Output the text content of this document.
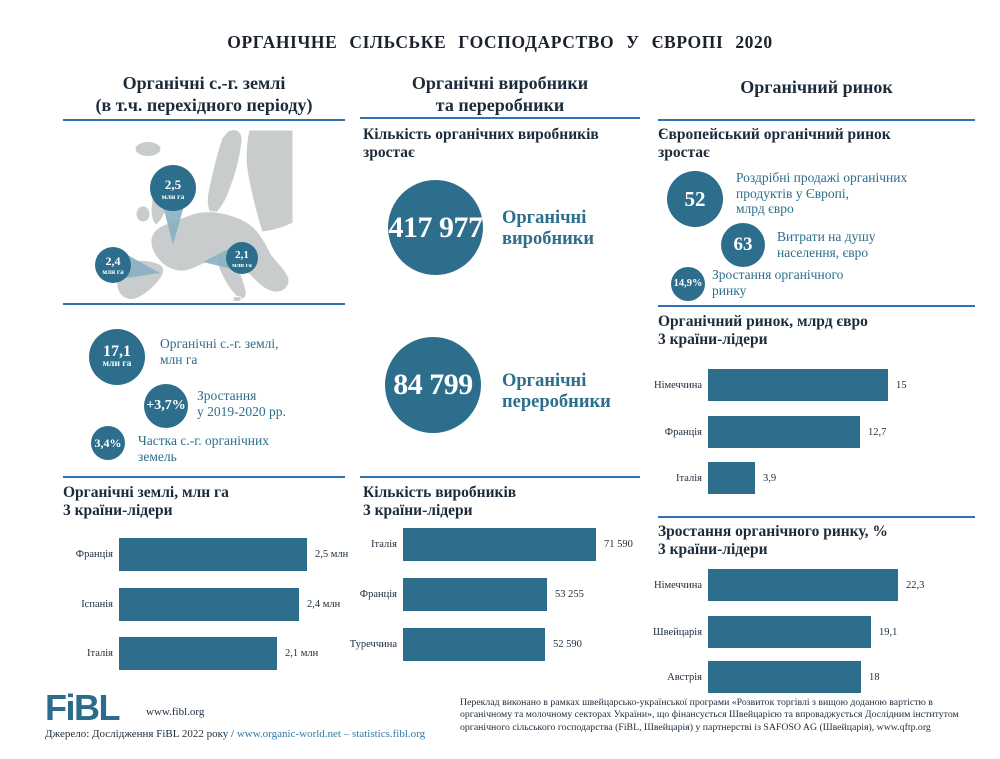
ОРГАНІЧНЕ СІЛЬСЬКЕ ГОСПОДАРСТВО У ЄВРОПІ 2020
Органічні с.-г. землі
(в т.ч. перехідного періоду)
Органічні виробники
та переробники
Органічний ринок
2,5
млн га
2,4
млн га
2,1
млн га
17,1
млн га
Органічні с.-г. землі,
млн га
+3,7%
Зростання
у 2019-2020 рр.
3,4% Частка с.-г. органічних
земель
Органічні землі, млн га
3 країни-лідери
Франція	2,5 млн
Іспанія	2,4 млн
Італія	2,1 млн
Кількість органічних виробників
зростає
417 977 Органічні
виробники
84 799 Органічні
переробники
Кількість виробників
3 країни-лідери
Італія	71 590
Франція	53 255
Туреччина	52 590
Європейський органічний ринок
зростає
52
Роздрібні продажі органічних
продуктів у Європі,
млрд євро
63 Витрати на душу
населення, євро
14,9%
Зростання органічного
ринку
Органічний ринок, млрд євро
3 країни-лідери
Німеччина	15
Франція	12,7
Італія	3,9
Зростання органічного ринку, %
3 країни-лідери
Німеччина	22,3
Швейцарія	19,1
Австрія	18
FiBL www.fibl.org
Джерело: Дослідження FiBL 2022 року / www.organic-world.net – statistics.fibl.org
Переклад виконано в рамках швейцарсько-української програми «Розвиток торгівлі з вищою доданою вартістю в органічному та молочному секторах України», що фінансується Швейцарією та впроваджується Дослідним інститутом органічного сільського господарства (FiBL, Швейцарія) у партнерстві із SAFOSO AG (Швейцарія), www.qftp.org
